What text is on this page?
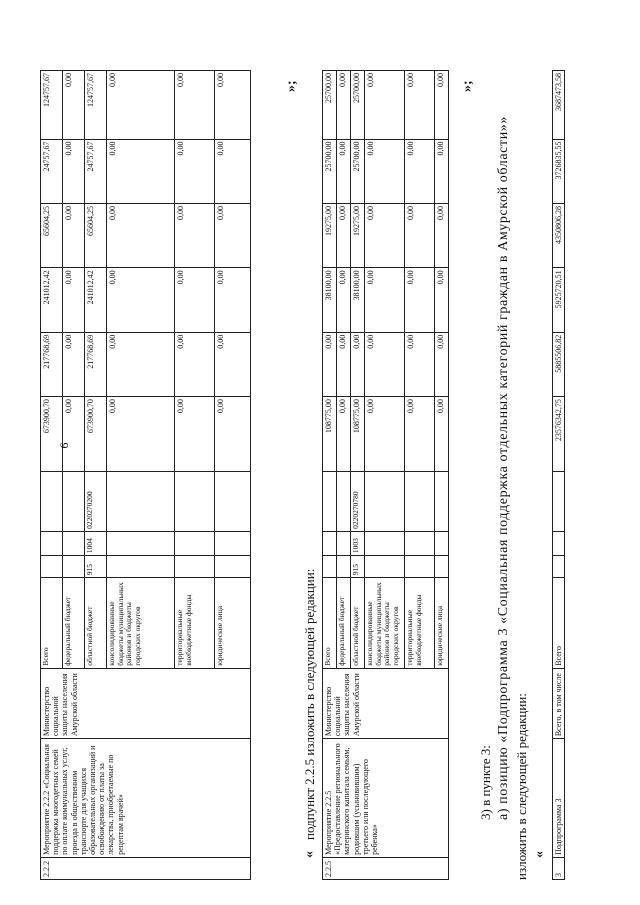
9
2.2.2	Мероприятие 2.2.2 «Социальная поддержка многодетных семей по оплате коммунальных услуг, проезда в общественном транспорте для учащихся образовательных организаций и освобождению от платы за лекарства, приобретаемые по рецептам врачей»	Министерство социальной защиты населения Амурской области	Всего				673900,70	217768,69	241012,42	65604,25	24757,67	124757,67
			федеральный бюджет				0,00	0,00	0,00	0,00	0,00	0,00
			областной бюджет	915	1004	0220270200	673900,70	217768,69	241012,42	65604,25	24757,67	124757,67
			консолидированные бюджеты муниципальных районов и бюджеты городских округов				0,00	0,00	0,00	0,00	0,00	0,00
			территориальные внебюджетные фонды				0,00	0,00	0,00	0,00	0,00	0,00
			юридические лица				0,00	0,00	0,00	0,00	0,00	0,00	»;
подпункт 2.2.5 изложить в следующей редакции:
«
2.2.5	Мероприятие 2.2.5 «Предоставление регионального материнского капитала семьям, родившим (усыновившим) третьего или последующего ребенка»	Министерство социальной защиты населения Амурской области	Всего				108775,00	0,00	38100,00	19275,00	25700,00	25700,00
			федеральный бюджет				0,00	0,00	0,00	0,00	0,00	0,00
			областной бюджет	915	1003	0220270780	108775,00	0,00	38100,00	19275,00	25700,00	25700,00
			консолидированные бюджеты муниципальных районов и бюджеты городских округов				0,00	0,00	0,00	0,00	0,00	0,00
			территориальные внебюджетные фонды				0,00	0,00	0,00	0,00	0,00	0,00
			юридические лица				0,00	0,00	0,00	0,00	0,00	0,00 »;
3) в пункте 3: а) позицию «Подпрограмма 3 «Социальная поддержка отдельных категорий граждан в Амурской области»» изложить в следующей редакции: «
3	Подпрограмма 3	Всего, в том числе	Всего				23576342,75	5885506,82	5925720,51	4350806,28	3726835,55	3687473,58
